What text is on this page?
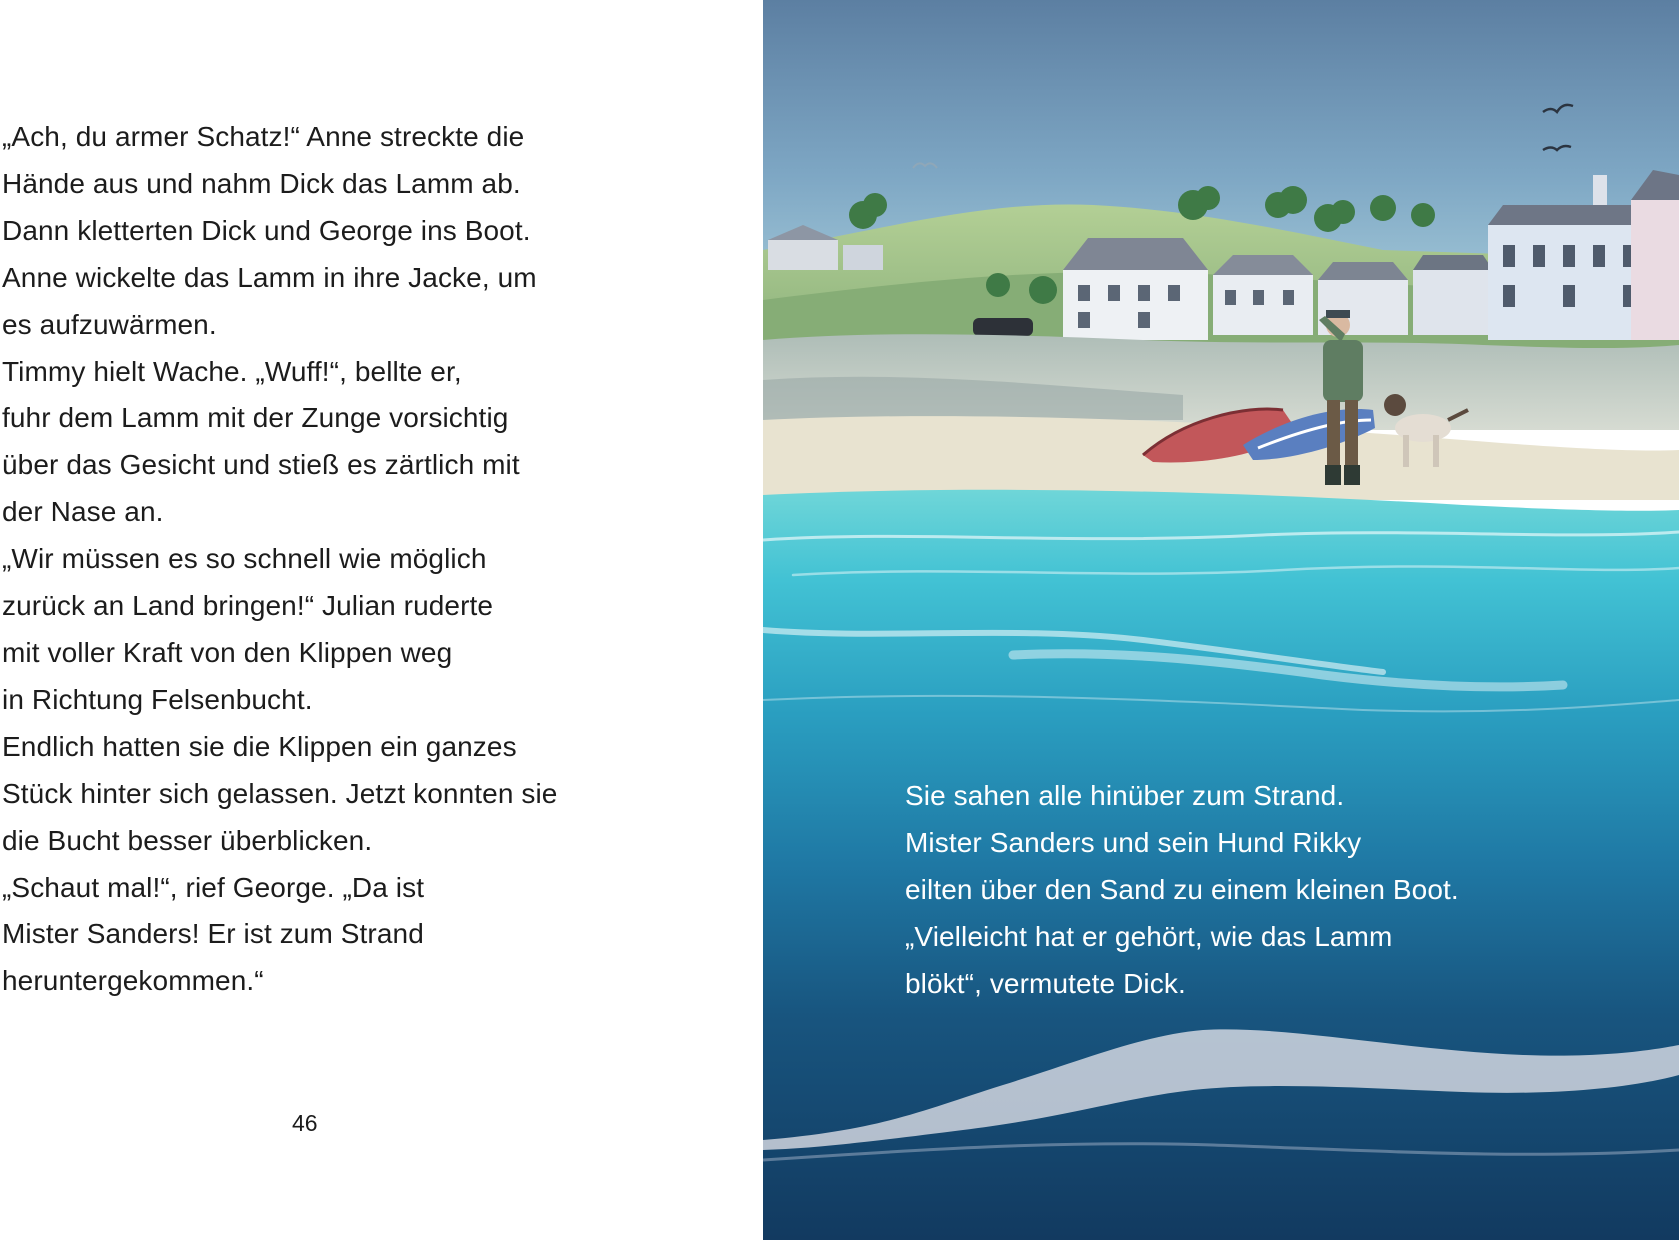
„Ach, du armer Schatz!“ Anne streckte die
Hände aus und nahm Dick das Lamm ab.
Dann kletterten Dick und George ins Boot.
Anne wickelte das Lamm in ihre Jacke, um
es aufzuwärmen.
Timmy hielt Wache. „Wuff!“, bellte er,
fuhr dem Lamm mit der Zunge vorsichtig
über das Gesicht und stieß es zärtlich mit
der Nase an.
„Wir müssen es so schnell wie möglich
zurück an Land bringen!“ Julian ruderte
mit voller Kraft von den Klippen weg
in Richtung Felsenbucht.
Endlich hatten sie die Klippen ein ganzes
Stück hinter sich gelassen. Jetzt konnten sie
die Bucht besser überblicken.
„Schaut mal!“, rief George. „Da ist
Mister Sanders! Er ist zum Strand
heruntergekommen.“
46
Sie sahen alle hinüber zum Strand.
Mister Sanders und sein Hund Rikky
eilten über den Sand zu einem kleinen Boot.
„Vielleicht hat er gehört, wie das Lamm
blökt“, vermutete Dick.
